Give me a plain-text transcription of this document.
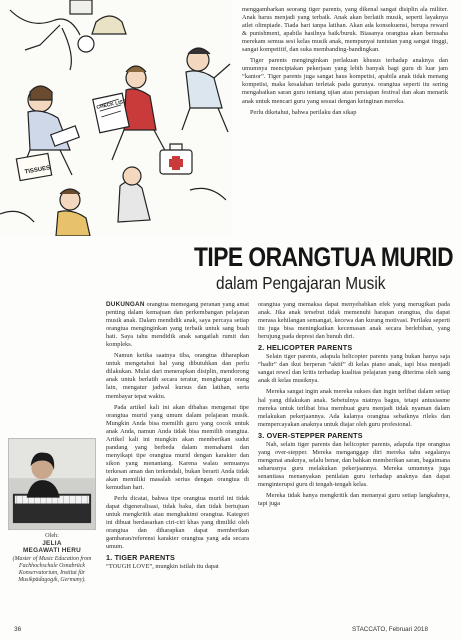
TISSUES
CHECK LIST

menggambarkan seorang tiger parents, yang dikenal sangat disiplin ala militer. Anak harus menjadi yang terbaik. Anak akan berlatih musik, seperti layaknya atlet olimpiade. Tiada hari tanpa latihan. Akan ada konsekuensi, berupa reward & punishment, apabila hasilnya baik/buruk. Biasanya orangtua akan berusaha merekam semua sesi kelas musik anak, mempunyai tuntutan yang sangat tinggi, sangat kompetitif, dan suka membanding-bandingkan.

Tiger parents menginginkan perlakuan khusus terhadap anaknya dan umumnya menciptakan pekerjaan yang lebih banyak bagi guru di luar jam “kantor”. Tiger parents juga sangat haus kompetisi, apabila anak tidak menang kompetisi, maka kesalahan terletak pada gurunya. orangtua seperti itu sering mengabaikan saran guru tentang ujian atau persiapan festival dan akan menarik anak untuk mencari guru yang sesuai dengan keinginan mereka.

Perlu diketahui, bahwa perilaku dan sikap

TIPE ORANGTUA MURID
dalam Pengajaran Musik
Oleh:
JELIA
MEGAWATI HERU
(Master of Music Education from Fachhochschule Osnabrück Konservatorium, Institut für Musikpädagogik, Germany).

DUKUNGAN orangtua memegang peranan yang amat penting dalam kemajuan dan perkembangan pelajaran musik anak. Dalam mendidik anak, saya percaya setiap orangtua menginginkan yang terbaik untuk sang buah hati. Saya tahu mendidik anak sangatlah rumit dan kompleks.

Namun ketika saatnya tiba, orangtua diharapkan untuk mengetahui hal yang dibutuhkan dan perlu dilakukan. Mulai dari menerapkan disiplin, mendorong anak untuk berlatih secara teratur, menghargai orang lain, mengatur jadwal kursus dan latihan, serta membayar tepat waktu.

Pada artikel kali ini akan dibahas mengenai tipe orangtua murid yang umum dalam pelajaran musik. Mungkin Anda bisa memilih guru yang cocok untuk anak Anda, namun Anda tidak bisa memilih orangtua. Artikel kali ini mungkin akan memberikan sudut pandang yang berbeda dalam memahami dan menyikapi tipe orangtua murid dengan karakter dan sikon yang menantang. Karena walau semuanya terkesan aman dan terkendali, bukan berarti Anda tidak akan memiliki masalah serius dengan orangtua di kemudian hari.

Perlu dicatat, bahwa tipe orangtua murid ini tidak dapat digeneralisasi, tidak baku, dan tidak bertujuan untuk mengkritik atau menghakimi orangtua. Kategori ini dibuat berdasarkan ciri-ciri khas yang dimiliki oleh orangtua dan diharapkan dapat memberikan gambaran/referensi karakter orangtua yang ada secara umum.

1. TIGER PARENTS

“TOUGH LOVE”, mungkin istilah itu dapat

orangtua yang memaksa dapat menyebabkan efek yang merugikan pada anak. Jika anak tersebut tidak memenuhi harapan orangtua, dia dapat merasa kehilangan semangat, kecewa dan kurang motivasi. Perilaku seperti itu juga bisa meningkatkan kecemasan anak secara berlebihan, yang berujung pada depresi dan bunuh diri.

2. HELICOPTER PARENTS

Selain tiger parents, adapula helicopter parents yang bukan hanya saja “hadir” dan ikut berperan “aktif” di kelas piano anak, tapi bisa menjadi sangat rewel dan kritis terhadap kualitas pelajaran yang diterima oleh sang anak di kelas musiknya.

Mereka sangat ingin anak mereka sukses dan ingin terlibat dalam setiap hal yang dilakukan anak. Sebetulnya niatnya bagus, tetapi antusiasme mereka untuk terlibat bisa membuat guru menjadi tidak nyaman dalam melakukan pekerjaannya. Ada kalanya orangtua sebaiknya rileks dan mempercayakan anaknya untuk diajar oleh guru profesional.

3. OVER-STEPPER PARENTS

Nah, selain tiger parents dan helicopter parents, adapula tipe orangtua yang over-stepper. Mereka menganggap diri mereka tahu segalanya mengenai anaknya, selalu benar, dan bahkan memberikan saran, bagaimana seharusnya guru melakukan pekerjaannya. Mereka umumnya juga senantiasa menanyakan penilaian guru terhadap anaknya dan dapat menginterupsi guru di tengah-tengah kelas.

Mereka tidak hanya mengkritik dan menanyai guru setiap langkahnya, tapi juga

36	STACCATO, Februari 2018
